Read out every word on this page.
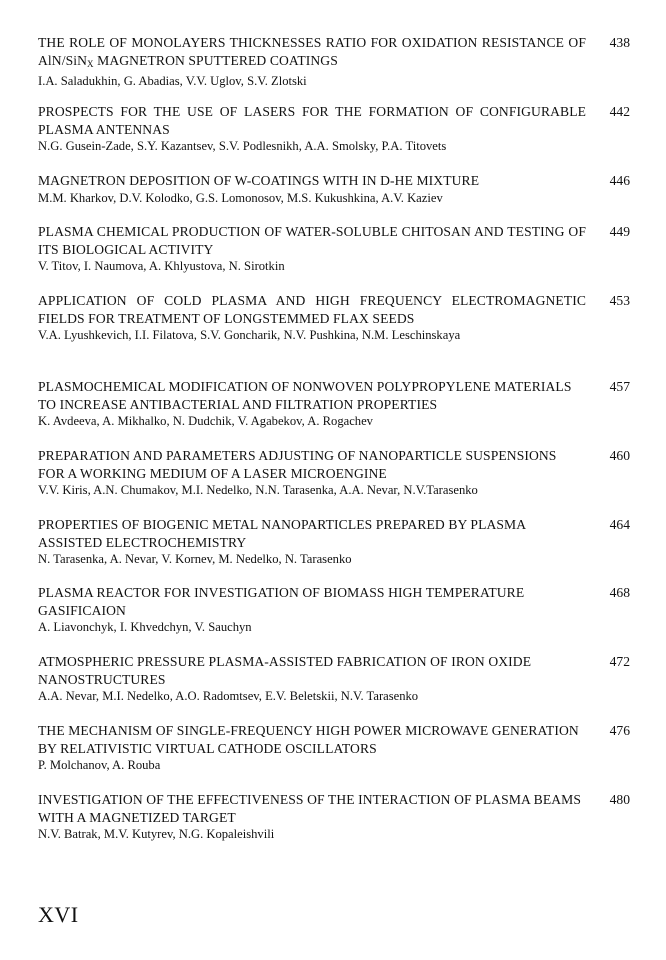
THE ROLE OF MONOLAYERS THICKNESSES RATIO FOR OXIDATION RESISTANCE OF AlN/SiN$_X$ MAGNETRON SPUTTERED COATINGS
438
I.A. Saladukhin, G. Abadias, V.V. Uglov, S.V. Zlotski
PROSPECTS FOR THE USE OF LASERS FOR THE FORMATION OF CONFIGURABLE PLASMA ANTENNAS
442
N.G. Gusein-Zade, S.Y. Kazantsev, S.V. Podlesnikh, A.A. Smolsky, P.A. Titovets
MAGNETRON DEPOSITION OF W-COATINGS WITH IN D-HE MIXTURE	446
M.M. Kharkov, D.V. Kolodko, G.S. Lomonosov, M.S. Kukushkina, A.V. Kaziev
PLASMA CHEMICAL PRODUCTION OF WATER-SOLUBLE CHITOSAN AND TESTING OF ITS BIOLOGICAL ACTIVITY
449
V. Titov, I. Naumova, A. Khlyustova, N. Sirotkin
APPLICATION OF COLD PLASMA AND HIGH FREQUENCY ELECTROMAGNETIC FIELDS FOR TREATMENT OF LONGSTEMMED FLAX SEEDS
453
V.A. Lyushkevich, I.I. Filatova, S.V. Goncharik, N.V. Pushkina, N.M. Leschinskaya
PLASMOCHEMICAL MODIFICATION OF NONWOVEN POLYPROPYLENE MATERIALS TO INCREASE ANTIBACTERIAL AND FILTRATION PROPERTIES
457
K. Avdeeva, A. Mikhalko, N. Dudchik, V. Agabekov, A. Rogachev
PREPARATION AND PARAMETERS ADJUSTING OF NANOPARTICLE SUSPENSIONS FOR A WORKING MEDIUM OF A LASER MICROENGINE
460
V.V. Kiris, A.N. Chumakov, M.I. Nedelko, N.N. Tarasenka, A.A. Nevar, N.V.Tarasenko
PROPERTIES OF BIOGENIC METAL NANOPARTICLES PREPARED BY PLASMA ASSISTED ELECTROCHEMISTRY
464
N. Tarasenka, A. Nevar, V. Kornev, M. Nedelko, N. Tarasenko
PLASMA REACTOR FOR INVESTIGATION OF BIOMASS HIGH TEMPERATURE GASIFICAION
468
A. Liavonchyk, I. Khvedchyn, V. Sauchyn
ATMOSPHERIC PRESSURE PLASMA-ASSISTED FABRICATION OF IRON OXIDE NANOSTRUCTURES
472
A.A. Nevar, M.I. Nedelko, A.O. Radomtsev, E.V. Beletskii, N.V. Tarasenko
THE MECHANISM OF SINGLE-FREQUENCY HIGH POWER MICROWAVE GENERATION BY RELATIVISTIC VIRTUAL CATHODE OSCILLATORS
476
P. Molchanov, A. Rouba
INVESTIGATION OF THE EFFECTIVENESS OF THE INTERACTION OF PLASMA BEAMS WITH A MAGNETIZED TARGET
480
N.V. Batrak, M.V. Kutyrev, N.G. Kopaleishvili
XVI
